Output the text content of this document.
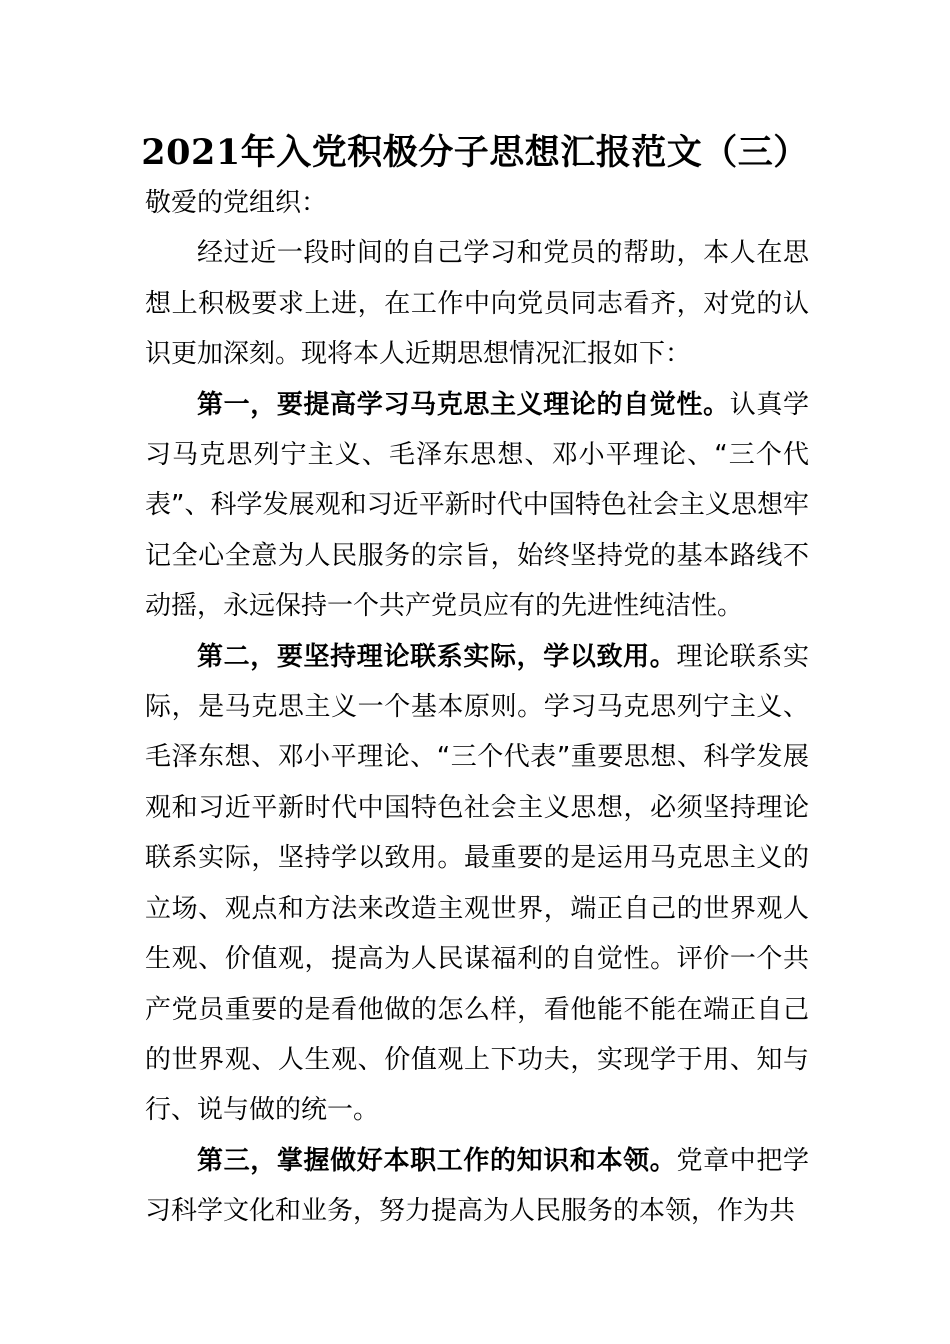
2021年入党积极分子思想汇报范文（三）

敬爱的党组织：

经过近一段时间的自己学习和党员的帮助，本人在思想上积极要求上进，在工作中向党员同志看齐，对党的认识更加深刻。现将本人近期思想情况汇报如下：

第一，要提高学习马克思主义理论的自觉性。认真学习马克思列宁主义、毛泽东思想、邓小平理论、“三个代表”、科学发展观和习近平新时代中国特色社会主义思想牢记全心全意为人民服务的宗旨，始终坚持党的基本路线不动摇，永远保持一个共产党员应有的先进性纯洁性。

第二，要坚持理论联系实际，学以致用。理论联系实际，是马克思主义一个基本原则。学习马克思列宁主义、毛泽东想、邓小平理论、“三个代表”重要思想、科学发展观和习近平新时代中国特色社会主义思想，必须坚持理论联系实际，坚持学以致用。最重要的是运用马克思主义的立场、观点和方法来改造主观世界，端正自己的世界观人生观、价值观，提高为人民谋福利的自觉性。评价一个共产党员重要的是看他做的怎么样，看他能不能在端正自己的世界观、人生观、价值观上下功夫，实现学于用、知与行、说与做的统一。

第三，掌握做好本职工作的知识和本领。党章中把学习科学文化和业务，努力提高为人民服务的本领，作为共
